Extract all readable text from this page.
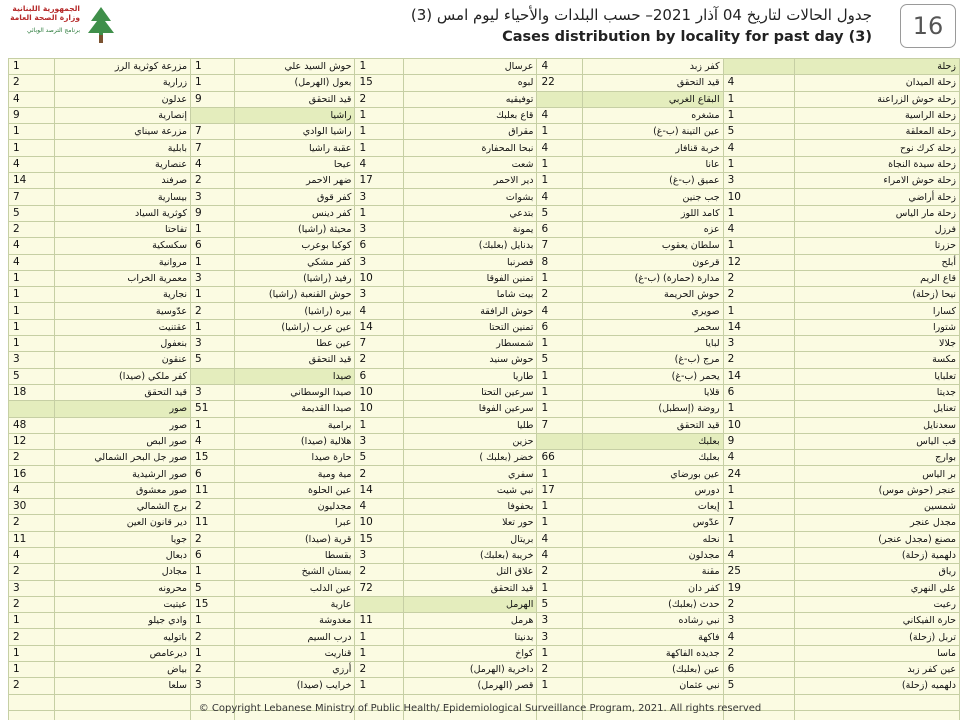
الجمهورية اللبنانية
وزارة الصحة العامة
برنامج الترصد الوبائي
جدول الحالات لتاريخ 04 آذار 2021– حسب البلدات والأحياء ليوم امس (3)
Cases distribution by locality for past day (3)	16
زحلة		كفر زبد	4	عرسال	1	حوش السيد علي	1	مزرعة كوثرية الرز	1
زحلة الميدان	4	قيد التحقق	22	لبوه	15	بعول (الهرمل)	1	زرارية	2
زحلة حوش الزراعنة	1	البقاع الغربي		توفيقيه	2	قيد التحقق	9	عدلون	4
زحلة الراسية	1	مشغره	4	قاع بعلبك	1	راشيا		إنصارية	9
زحلة المعلقة	5	عين التينة (ب-غ)	1	مقراق	1	راشيا الوادي	7	مزرعة سيناي	1
زحلة كرك نوح	4	خربة قنافار	4	نبحا المحفارة	1	عقبة راشيا	7	بابلية	1
زحلة سيدة النجاة	1	عانا	1	شعت	4	عيحا	4	عنصارية	4
زحلة حوش الامراء	3	عميق (ب-غ)	1	دير الاحمر	17	ضهر الاحمر	2	صرفند	14
زحلة أراضي	10	جب جنين	4	بشوات	3	كفر قوق	3	بيسارية	7
زحلة مار الياس	1	كامد اللوز	5	بتدعي	1	كفر دينس	9	كوثرية السياد	5
فرزل	4	عزه	6	يمونة	3	محيثة (راشيا)	1	تفاحتا	2
حزرتا	1	سلطان يعقوب	7	بدنايل (بعلبك)	6	كوكبا بوعرب	6	سكسكية	4
أبلح	12	قرعون	8	قصرنبا	3	كفر مشكي	1	مروانية	4
قاع الريم	2	مدارة (حمارة) (ب-غ)	1	تمنين الفوقا	10	رفيد (راشيا)	3	معمرية الخراب	1
نيحا (زحلة)	2	حوش الحريمة	2	بيت شاما	3	حوش القنعبة (راشيا)	1	نجارية	1
كسارا	1	صويري	4	حوش الرافقة	4	بيره (راشيا)	2	عدّوسية	1
شتورا	14	سحمر	6	تمنين التحتا	14	عين عرب (راشيا)	1	عقتنيت	1
جلالا	3	لبايا	1	شمسطار	7	عين عطا	3	بنعفول	1
مكسة	2	مرج (ب-غ)	5	حوش سنيد	2	قيد التحقق	5	عنقون	3
تعلبايا	14	يحمر (ب-غ)	1	طاريا	6	صيدا		كفر ملكي (صيدا)	5
جديتا	6	قلايا	1	سرعين التحتا	10	صيدا الوسطاني	3	قيد التحقق	18
تعنايل	1	روضة (إسطبل)	1	سرعين الفوقا	10	صيدا القديمة	51	صور	
سعدنايل	10	قيد التحقق	7	طليا	1	برامية	1	صور	48
قب الياس	9	بعلبك		حزين	3	هلالية (صيدا)	4	صور البص	12
بوارج	4	بعلبك	66	خضر (بعلبك )	5	حارة صيدا	15	صور جل البحر الشمالي	2
بر الياس	24	عين بورضاي	1	سفري	2	مية ومية	6	صور الرشيدية	16
عنجر (حوش موس)	1	دورس	17	نبي شيت	14	عين الحلوة	11	صور معشوق	4
شمسين	1	إيعات	1	بحفوفا	4	مجدليون	2	برج الشمالي	30
مجدل عنجر	7	عدّوس	1	حور تعلا	10	عبرا	11	دير قانون العين	2
مصنع (مجدل عنجر)	1	نحله	4	بريتال	15	قرية (صيدا)	2	جويا	11
دلهمية (زحلة)	4	مجدلون	4	خريبة (بعلبك)	3	بقسطا	6	دبعال	4
رياق	25	مقنة	2	علاق التل	2	بستان الشيخ	1	مجادل	2
علي النهري	19	كفر دان	1	قيد التحقق	72	عين الدلب	5	محرونه	3
رعيت	2	حدث (بعلبك)	5	الهرمل		عارية	15	عيتيت	2
حارة الفيكاني	3	نبي رشاده	3	هرمل	11	مغدوشة	1	وادي جيلو	1
تربل (زحلة)	4	فاكهة	3	بدنيتا	1	درب السيم	2	باتوليه	2
ماسا	2	جديده الفاكهة	1	كواخ	1	قناريت	1	ديرعامص	1
عين كفر زبد	6	عين (بعلبك)	2	داخرية (الهرمل)	2	أرزي	2	بياض	1
دلهميه (زحلة)	5	نبي عثمان	1	قصر (الهرمل)	1	خرايب (صيدا)	3	سلعا	2

© Copyright Lebanese Ministry of Public Health/ Epidemiological Surveillance Program, 2021. All rights reserved
